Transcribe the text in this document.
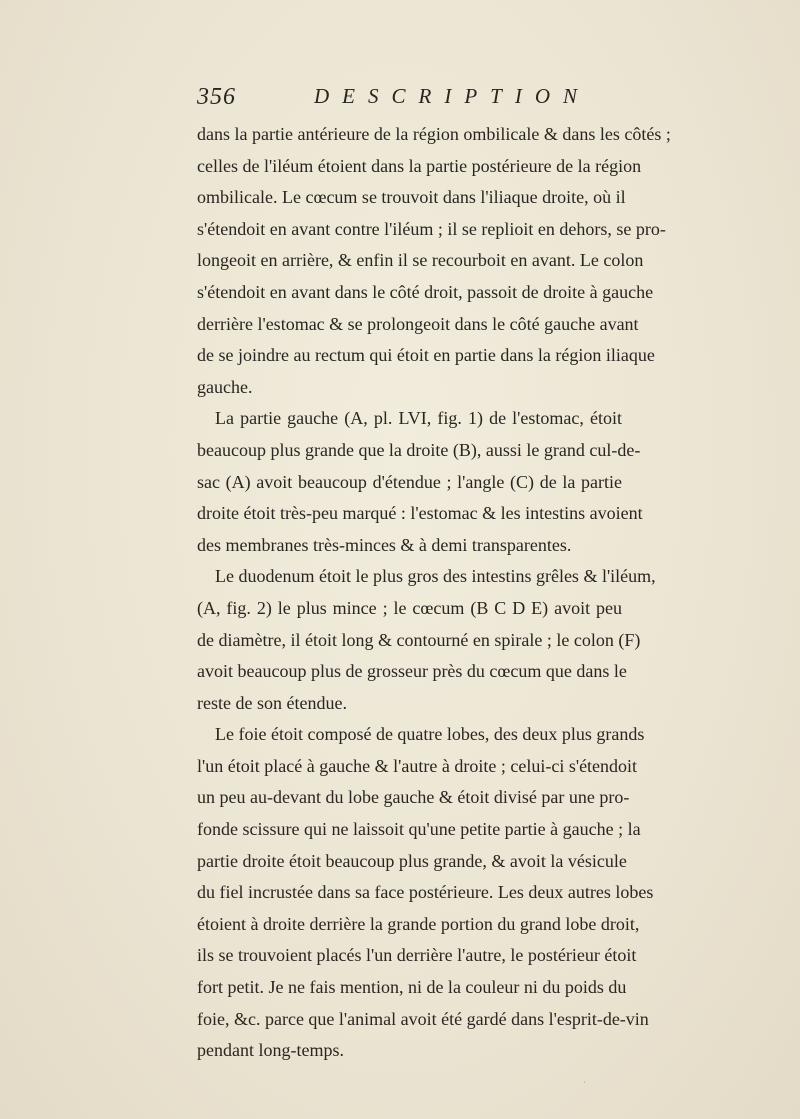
356	DESCRIPTION
dans la partie antérieure de la région ombilicale & dans les côtés ;
celles de l'iléum étoient dans la partie postérieure de la région
ombilicale. Le cœcum se trouvoit dans l'iliaque droite, où il
s'étendoit en avant contre l'iléum ; il se replioit en dehors, se pro-
longeoit en arrière, & enfin il se recourboit en avant. Le colon
s'étendoit en avant dans le côté droit, passoit de droite à gauche
derrière l'estomac & se prolongeoit dans le côté gauche avant
de se joindre au rectum qui étoit en partie dans la région iliaque
gauche.
La partie gauche (A, pl. LVI, fig. 1) de l'estomac, étoit
beaucoup plus grande que la droite (B), aussi le grand cul-de-
sac (A) avoit beaucoup d'étendue ; l'angle (C) de la partie
droite étoit très-peu marqué : l'estomac & les intestins avoient
des membranes très-minces & à demi transparentes.
Le duodenum étoit le plus gros des intestins grêles & l'iléum,
(A, fig. 2) le plus mince ; le cœcum (B C D E) avoit peu
de diamètre, il étoit long & contourné en spirale ; le colon (F)
avoit beaucoup plus de grosseur près du cœcum que dans le
reste de son étendue.
Le foie étoit composé de quatre lobes, des deux plus grands
l'un étoit placé à gauche & l'autre à droite ; celui-ci s'étendoit
un peu au-devant du lobe gauche & étoit divisé par une pro-
fonde scissure qui ne laissoit qu'une petite partie à gauche ; la
partie droite étoit beaucoup plus grande, & avoit la vésicule
du fiel incrustée dans sa face postérieure. Les deux autres lobes
étoient à droite derrière la grande portion du grand lobe droit,
ils se trouvoient placés l'un derrière l'autre, le postérieur étoit
fort petit. Je ne fais mention, ni de la couleur ni du poids du
foie, &c. parce que l'animal avoit été gardé dans l'esprit-de-vin
pendant long-temps.
ˏ
